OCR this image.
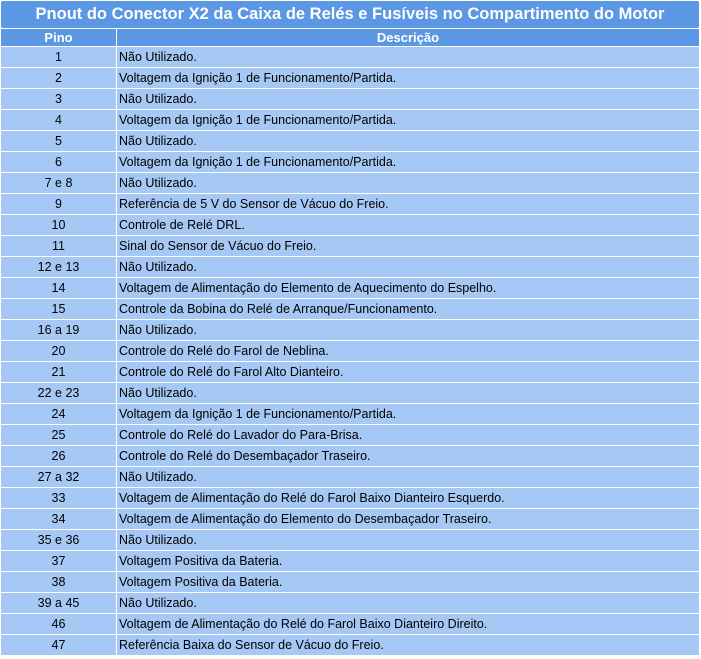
Pnout do Conector X2 da Caixa de Relés e Fusíveis no Compartimento do Motor	
Pino	Descrição
1	Não Utilizado.
2	Voltagem da Ignição 1 de Funcionamento/Partida.
3	Não Utilizado.
4	Voltagem da Ignição 1 de Funcionamento/Partida.
5	Não Utilizado.
6	Voltagem da Ignição 1 de Funcionamento/Partida.
7 e 8	Não Utilizado.
9	Referência de 5 V do Sensor de Vácuo do Freio.
10	Controle de Relé DRL.
11	Sinal do Sensor de Vácuo do Freio.
12 e 13	Não Utilizado.
14	Voltagem de Alimentação do Elemento de Aquecimento do Espelho.
15	Controle da Bobina do Relé de Arranque/Funcionamento.
16 a 19	Não Utilizado.
20	Controle do Relé do Farol de Neblina.
21	Controle do Relé do Farol Alto Dianteiro.
22 e 23	Não Utilizado.
24	Voltagem da Ignição 1 de Funcionamento/Partida.
25	Controle do Relé do Lavador do Para-Brisa.
26	Controle do Relé do Desembaçador Traseiro.
27 a 32	Não Utilizado.
33	Voltagem de Alimentação do Relé do Farol Baixo Dianteiro Esquerdo.
34	Voltagem de Alimentação do Elemento do Desembaçador Traseiro.
35 e 36	Não Utilizado.
37	Voltagem Positiva da Bateria.
38	Voltagem Positiva da Bateria.
39 a 45	Não Utilizado.
46	Voltagem de Alimentação do Relé do Farol Baixo Dianteiro Direito.
47	Referência Baixa do Sensor de Vácuo do Freio.
